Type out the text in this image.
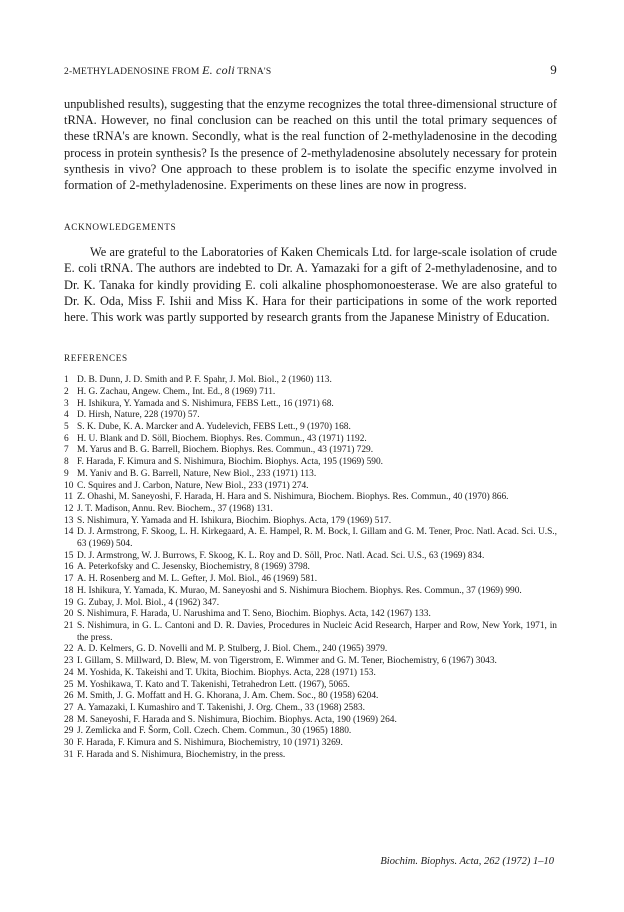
2-METHYLADENOSINE FROM E. coli TRNA'S	9

unpublished results), suggesting that the enzyme recognizes the total three-dimensional structure of tRNA. However, no final conclusion can be reached on this until the total primary sequences of these tRNA's are known. Secondly, what is the real function of 2-methyladenosine in the decoding process in protein synthesis? Is the presence of 2-methyladenosine absolutely necessary for protein synthesis in vivo? One approach to these problem is to isolate the specific enzyme involved in formation of 2-methyladenosine. Experiments on these lines are now in progress.

ACKNOWLEDGEMENTS

We are grateful to the Laboratories of Kaken Chemicals Ltd. for large-scale isolation of crude E. coli tRNA. The authors are indebted to Dr. A. Yamazaki for a gift of 2-methyladenosine, and to Dr. K. Tanaka for kindly providing E. coli alkaline phosphomonoesterase. We are also grateful to Dr. K. Oda, Miss F. Ishii and Miss K. Hara for their participations in some of the work reported here. This work was partly supported by research grants from the Japanese Ministry of Education.

REFERENCES

1 D. B. Dunn, J. D. Smith and P. F. Spahr, J. Mol. Biol., 2 (1960) 113.
2 H. G. Zachau, Angew. Chem., Int. Ed., 8 (1969) 711.
3 H. Ishikura, Y. Yamada and S. Nishimura, FEBS Lett., 16 (1971) 68.
4 D. Hirsh, Nature, 228 (1970) 57.
5 S. K. Dube, K. A. Marcker and A. Yudelevich, FEBS Lett., 9 (1970) 168.
6 H. U. Blank and D. Söll, Biochem. Biophys. Res. Commun., 43 (1971) 1192.
7 M. Yarus and B. G. Barrell, Biochem. Biophys. Res. Commun., 43 (1971) 729.
8 F. Harada, F. Kimura and S. Nishimura, Biochim. Biophys. Acta, 195 (1969) 590.
9 M. Yaniv and B. G. Barrell, Nature, New Biol., 233 (1971) 113.
10 C. Squires and J. Carbon, Nature, New Biol., 233 (1971) 274.
11 Z. Ohashi, M. Saneyoshi, F. Harada, H. Hara and S. Nishimura, Biochem. Biophys. Res. Commun., 40 (1970) 866.
12 J. T. Madison, Annu. Rev. Biochem., 37 (1968) 131.
13 S. Nishimura, Y. Yamada and H. Ishikura, Biochim. Biophys. Acta, 179 (1969) 517.
14 D. J. Armstrong, F. Skoog, L. H. Kirkegaard, A. E. Hampel, R. M. Bock, I. Gillam and G. M. Tener, Proc. Natl. Acad. Sci. U.S., 63 (1969) 504.
15 D. J. Armstrong, W. J. Burrows, F. Skoog, K. L. Roy and D. Söll, Proc. Natl. Acad. Sci. U.S., 63 (1969) 834.
16 A. Peterkofsky and C. Jesensky, Biochemistry, 8 (1969) 3798.
17 A. H. Rosenberg and M. L. Gefter, J. Mol. Biol., 46 (1969) 581.
18 H. Ishikura, Y. Yamada, K. Murao, M. Saneyoshi and S. Nishimura Biochem. Biophys. Res. Commun., 37 (1969) 990.
19 G. Zubay, J. Mol. Biol., 4 (1962) 347.
20 S. Nishimura, F. Harada, U. Narushima and T. Seno, Biochim. Biophys. Acta, 142 (1967) 133.
21 S. Nishimura, in G. L. Cantoni and D. R. Davies, Procedures in Nucleic Acid Research, Harper and Row, New York, 1971, in the press.
22 A. D. Kelmers, G. D. Novelli and M. P. Stulberg, J. Biol. Chem., 240 (1965) 3979.
23 I. Gillam, S. Millward, D. Blew, M. von Tigerstrom, E. Wimmer and G. M. Tener, Biochemistry, 6 (1967) 3043.
24 M. Yoshida, K. Takeishi and T. Ukita, Biochim. Biophys. Acta, 228 (1971) 153.
25 M. Yoshikawa, T. Kato and T. Takenishi, Tetrahedron Lett. (1967), 5065.
26 M. Smith, J. G. Moffatt and H. G. Khorana, J. Am. Chem. Soc., 80 (1958) 6204.
27 A. Yamazaki, I. Kumashiro and T. Takenishi, J. Org. Chem., 33 (1968) 2583.
28 M. Saneyoshi, F. Harada and S. Nishimura, Biochim. Biophys. Acta, 190 (1969) 264.
29 J. Zemlicka and F. Šorm, Coll. Czech. Chem. Commun., 30 (1965) 1880.
30 F. Harada, F. Kimura and S. Nishimura, Biochemistry, 10 (1971) 3269.
31 F. Harada and S. Nishimura, Biochemistry, in the press.
Biochim. Biophys. Acta, 262 (1972) 1–10
